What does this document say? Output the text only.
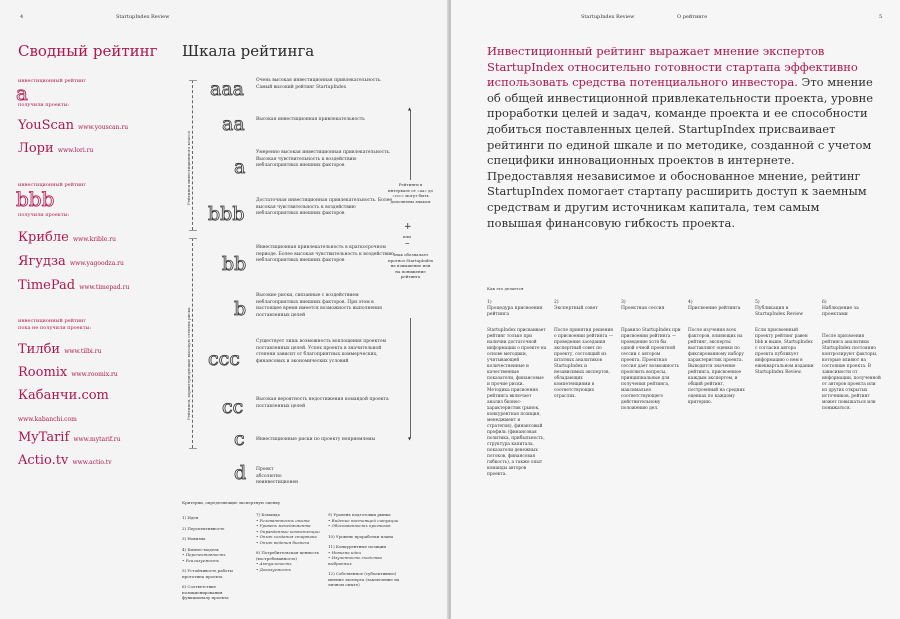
4	StartupIndex Review
Сводный рейтинг
инвестиционный рейтинг
a
получили проекты:
YouScan www.youscan.ru
Лори www.lori.ru
инвестиционный рейтинг
bbb
получили проекты:
Крибле www.krible.ru
Ягудза www.yagoodza.ru
TimePad www.timepad.ru
инвестиционный рейтинг
пока не получили проекты:
Тилби www.tilbi.ru
Roomix www.roomix.ru
Кабанчи.com
www.kabanchi.com
MyTarif www.mytarif.ru
Actio.tv www.actio.tv
Шкала рейтинга
Рейтинги инвестиционного класса
Рейтинги, характеризующие высокую степень риска
aaa	Очень высокая инвестиционная привлекательность. Самый высокий рейтинг StartupIndex
aa	Высокая инвестиционная привлекательность
a
Умеренно высокая инвестиционная привлекательность. Высокая чувствительность к воздействию неблагоприятных внешних факторов
bbb
Достаточная инвестиционная привлекательность. Более высокая чувствительность к воздействию неблагоприятных внешних факторов
bb
Инвестиционная привлекательность в краткосрочном периоде. Более высокая чувствительность к воздействию неблагоприятных внешних факторов
b
Высокие риски, связанные с воздействием неблагоприятных внешних факторов. При этом в настоящее время имеется возможность выполнения поставленных целей
ccc
Существует лишь возможность воплощения проектом поставленных целей. Успех проекта в значительной степени зависит от благоприятных коммерческих, финансовых и экономических условий
cc	Высокая вероятность недостижения командой проекта поставленных целей
c	Инвестиционные риски по проекту неприемлемы
d Проект абсолютно неинвестиционен
▲
Рейтинги в интервале от «аа» до «ссс» могут быть дополнены знаком
+
или
–
Знак обозначает прогноз StartupIndex на повышение или на понижение рейтинга
▼
Критерии, определяющие экспертную оценку
1) Идея
2) Перспективность
3) Новизна
4) Бизнес-модель
• Перспективность
• Реализуемость
5) Устойчивость работы прототипа проекта
6) Соответствие позиционирования функционалу проекта
7) Команда
• Релевантность опыта
• Уровень менеджмента
• Оправданные компетенции
• Опыт создания стартапа
• Опыт ведения бизнеса
8) Потребительская ценность (востребованность)
• Актуальность
• Доказуемость
9) Уровень подготовки рынка
• Видение настоящей ситуации
• Обоснованность прогнозов
10) Уровень проработки плана
11) Конкурентные позиции
• Новизна идеи
• Изученность сходства выбранных
12) Собственное (субъективное) мнение эксперта (заключение на личном опыте)
StartupIndex Review	О рейтинге	5
Инвестиционный рейтинг выражает мнение экспертов StartupIndex относительно готовности стартапа эффективно использовать средства потенциального инвестора. Это мнение об общей инвестиционной привлекательности проекта, уровне проработки целей и задач, команде проекта и ее способности добиться поставленных целей. StartupIndex присваивает рейтинги по единой шкале и по методике, созданной с учетом специфики инновационных проектов в интернете. Предоставляя независимое и обоснованное мнение, рейтинг StartupIndex помогает стартапу расширить доступ к заемным средствам и другим источникам капитала, тем самым повышая финансовую гибкость проекта.
Как это делается
1)
Процедура присвоения рейтинга
StartupIndex присваивает рейтинг только при наличии достаточной информации о проекте на основе методики, учитывающей количественные и качественные показатели, финансовые и прочие риски. Методика присвоения рейтинга включает анализ бизнес-характеристик (рынок, конкурентная позиция, менеджмент и стратегия), финансовый профиль (финансовая политика, прибыльность, структура капитала, показатели денежных потоков, финансовая гибкость), а также опыт команды авторов проекта.
2)
Экспертный совет
После принятия решения о присвоении рейтинга — проведение заседания экспертный совет по проекту, состоящий из штатных аналитиков StartupIndex и независимых экспертов, обладающих компетенциями в соответствующих отраслях.
3)
Проектная сессия
Правило StartupIndex при присвоении рейтинга — проведение хотя бы одной очной проектной сессии с автором проекта. Проектная сессия дает возможность прояснить вопросы, принципиальные для получения рейтинга, максимально соответствующего действительному положению дел.
4)
Присвоение рейтинга
После изучения всех факторов, влияющих на рейтинг, эксперты выставляют оценки по фиксированному набору характеристик проекта. Выводится значение рейтинга, присвоенное каждым экспертом, и общий рейтинг, построенный на средних оценках по каждому критерию.
5)
Публикация в StartupIndex Review
Если присвоенный проекту рейтинг равен bbb и выше, StartupIndex с согласия автора проекта публикует информацию о нем в ежеквартальном издании StartupIndex Review.
6)
Наблюдение за проектами
После присвоения рейтинга аналитики StartupIndex постоянно контролируют факторы, которые влияют на состояние проекта. В зависимости от информации, полученной от авторов проекта или из других открытых источников, рейтинг может повышаться или понижаться.
